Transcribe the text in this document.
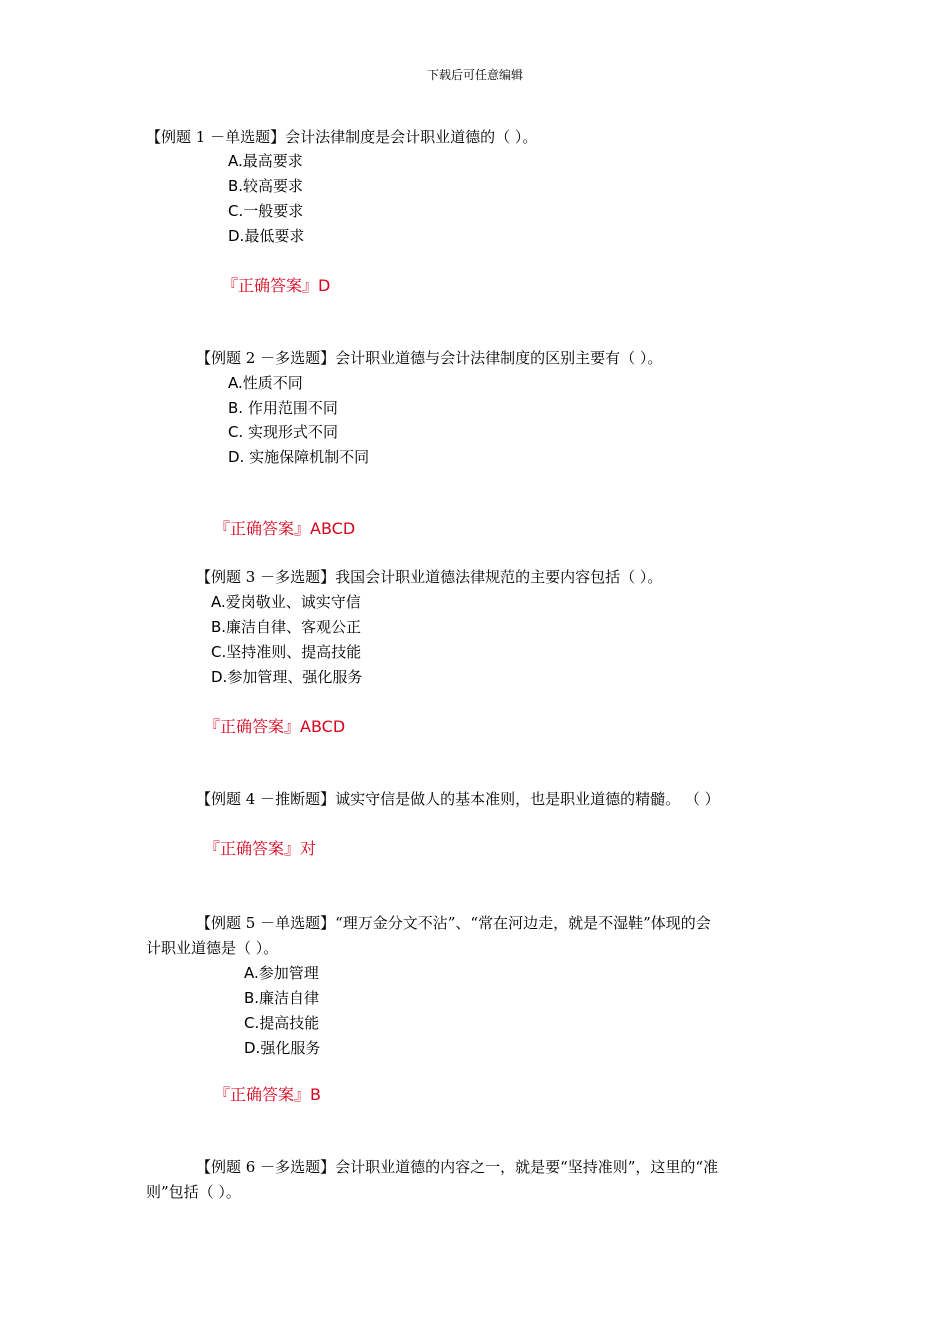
下载后可任意编辑
【例题 1 －单选题】会计法律制度是会计职业道德的（ ）。
A.最高要求
B.较高要求
C.一般要求
D.最低要求
『正确答案』D
【例题 2 －多选题】会计职业道德与会计法律制度的区别主要有（ ）。
A.性质不同
B. 作用范围不同
C. 实现形式不同
D. 实施保障机制不同
『正确答案』ABCD
【例题 3 －多选题】我国会计职业道德法律规范的主要内容包括（ ）。
A.爱岗敬业、诚实守信
B.廉洁自律、客观公正
C.坚持准则、提高技能
D.参加管理、强化服务
『正确答案』ABCD
【例题 4 －推断题】诚实守信是做人的基本准则，也是职业道德的精髓。 （ ）
『正确答案』对
【例题 5 －单选题】“理万金分文不沾”、“常在河边走，就是不湿鞋”体现的会
计职业道德是（ ）。
A.参加管理
B.廉洁自律
C.提高技能
D.强化服务
『正确答案』B
【例题 6 －多选题】会计职业道德的内容之一，就是要“坚持准则”，这里的“准
则”包括（ ）。
